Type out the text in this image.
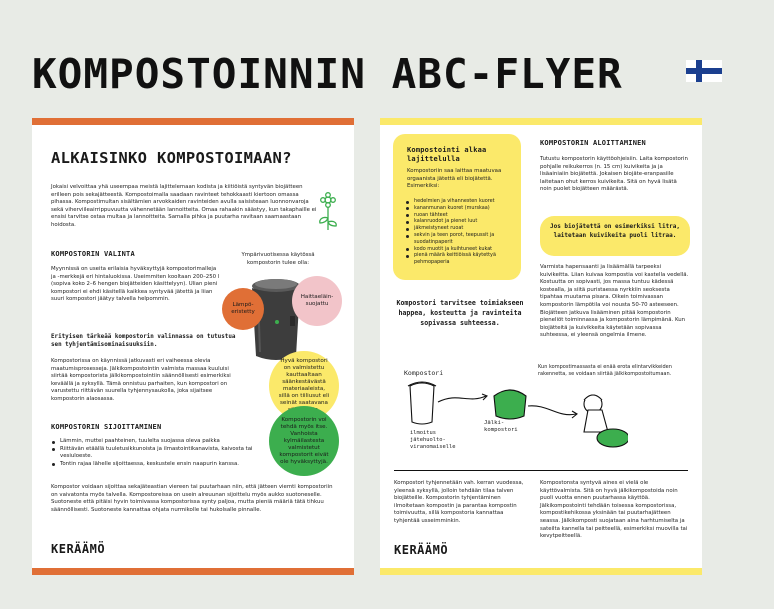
KOMPOSTOINNIN ABC-FLYER
ALKAISINKO KOMPOSTOIMAAN?
Jokaisi velvoittaa yhä useempaa meistä lajittelemaan kodista ja kiitiöistä syntyvän biojätteen erilleen pois sekajätteestä. Kompostoimalla saadaan ravinteet tehokkaasti kiertoon omassa pihassa. Kompostimultan sisältämien arvokkaiden ravinteiden avulla saisisteaan luonnonvaroja sekä viherviileairrippuvuutta vähennetään lannoitteita. Omaa rahaakin säästyy, kun takaphaille ei ensisi tarvitse ostaa multaa ja lannoitteita. Samalla pihka ja puutarha ravitaan saamaastaan hoidosta.
KOMPOSTORIN VALINTA
Myynnissä on useita erilaisia hyväksyttyjä kompostorimalleja ja -merkkejä eri hintaluokissa. Useimmiten kooltaan 200–250 l (sopiva koko 2–6 hengen biojätteiden käsittelyyn). Ulian pieni kompostori ei ehdi käsitellä kaikkea syntyvää jätettä ja liian suuri kompostori jäätyy talvella helpommin.
Erityisen tärkeää kompostorin valinnassa on tutustua sen tyhjentämisominaisuuksiin.
Kompostorissa on käynnissä jatkuvasti eri vaiheessa olevia maatumisprosesseja. Jälkikompostointin valmista massaa kuuluisi siirtää kompostorista jälkikompostointiin säännöllisesti esimerkiksi keväällä ja syksyllä. Tämä onnistuu parhaiten, kun kompostori on varustettu riittävän suurella tyhjennysaukolla, joka sijaitsee kompostorin alaosassa.
Ympärivuotisessa käytössä kompostorin tulee olla:
Lämpö-eristetty
Haittaeläin-suojattu
Hyvä kompostori on valmistettu kauttaaltaan säänkestävästä materiaaleista, sillä on tiiliusut eli seinät saatavana
Kompostorin voi tehdä myös itse. Vanhoista kylmäilastesta valmistetut kompostorit eivät ole hyväksyttyjä.
KOMPOSTORIN SIJOITTAMINEN
Lämmin, muttei paahteinen, tuulelta suojassa oleva paikka
Riittävän etäällä tuuletusikkunoista ja ilmastointikanavista, kaivosta tai vesiuloeste.
Tontin rajaa lähelle sijoittaessa, keskustele ensin naapurin kanssa.
Kompostor voidaan sijoittaa sekajäteastian viereen tai puutarhaan niin, että jätteen viemti kompostoriin on vaivatonta myös talvella. Kompostoreissa on usein alreuunan sijoittelu myös aukko suotoneselle. Suotoneste että pitäisi hyvin toimivassa kompostorissa synty paljoa, mutta pieniä määriä tätä tihkuu säännöllisesti. Suotoneste kannattaa ohjata nurmikolle tai hukolsalle pinnalle.
KERÄÄMÖ
Kompostointi alkaa lajittelulla
Kompostoriin saa laittaa maatuvaa orgaanista jätettä eli biojätettä. Esimerkiksi:
hedelmien ja vihannesten kuoret
kananmunan kuoret (murskaa)
ruoan tähteet
kalanruodot ja pienet luut
jäkmeistyneet ruoat
sekvin ja teen porot, teepussit ja suodatinpaperit
kodo muotit ja kuihtuneet kukat
pienä määrä keittiöissä käytettyä pehmopaperia
Kompostori tarvitsee toimiakseen happea, kosteutta ja ravinteita sopivassa suhteessa.
KOMPOSTORIN ALOITTAMINEN
Tutustu kompostorin käyttöohjeisiin. Laita kompostorin pohjalle reikukerros (n. 15 cm) kuivikeita ja ja lisäainiaiin biojätettä. Jokaisen biojäte-eranpasiile laitetaan ohut kerros kuivikeita. Sitä on hyvä lisätä noin puolet biojätteen määrästä.
Jos biojätettä on esimerkiksi litra, laitetaan kuivikeita puoli litraa.
Varmista hapensaanti ja lisäämällä tarpeeksi kuivikeitta. Liian kuivaa kompostia voi kastella vedellä. Kostuutta on sopivasti, jos massa tuntuu kädessä kostealla, ja siitä puristaessa nyrkkiin seoksesta tipahtaa muutama pisara. Oikein toimivassan kompostorin lämpötila voi nousta 50-70 asteeseen. Biojätteen jatkuva lisääminen pitää kompostorin pieneliöt toiminnassa ja kompostorin lämpimänä. Kun biojätteitä ja kuivikkeita käytetään sopivassa suhteessa, ei yleensä ongelmia ilmene.
Kompostori
ilmoitus jätehuolto-viranomaiselle
Jälki-kompostori
Kun kompostimassasta ei enää erota elintarvikkeiden rakennetta, se voidaan siirtää jälkikompostoitumaan.
Kompostori tyhjennetään vah. kerran vuodessa, yleensä syksyllä, jolloin tehdään tilaa talven biojätteille. Kompostorin tyhjentäminen ilmoitetaan kompostin ja parantaa kompostin toimivuutta, sillä kompostoria kannattaa tyhjentää usseimminkin.
Kompostonsta syntyvä aines ei vielä ole käyttövalmista. Sitä on hyvä jälkikompostoida noin puoli vuotta ennen puutarhassa käyttöä. Jälkikompostointi tehdään toisessa kompostorissa, kompostikehikossa yksinään tai puutarhajätteen seassa. Jälkikomposti suojataan aina harhtumiselta ja sateilta kannella tai peitteellä, esimerkiksi muovilla tai kevytpeitteellä.
KERÄÄMÖ
